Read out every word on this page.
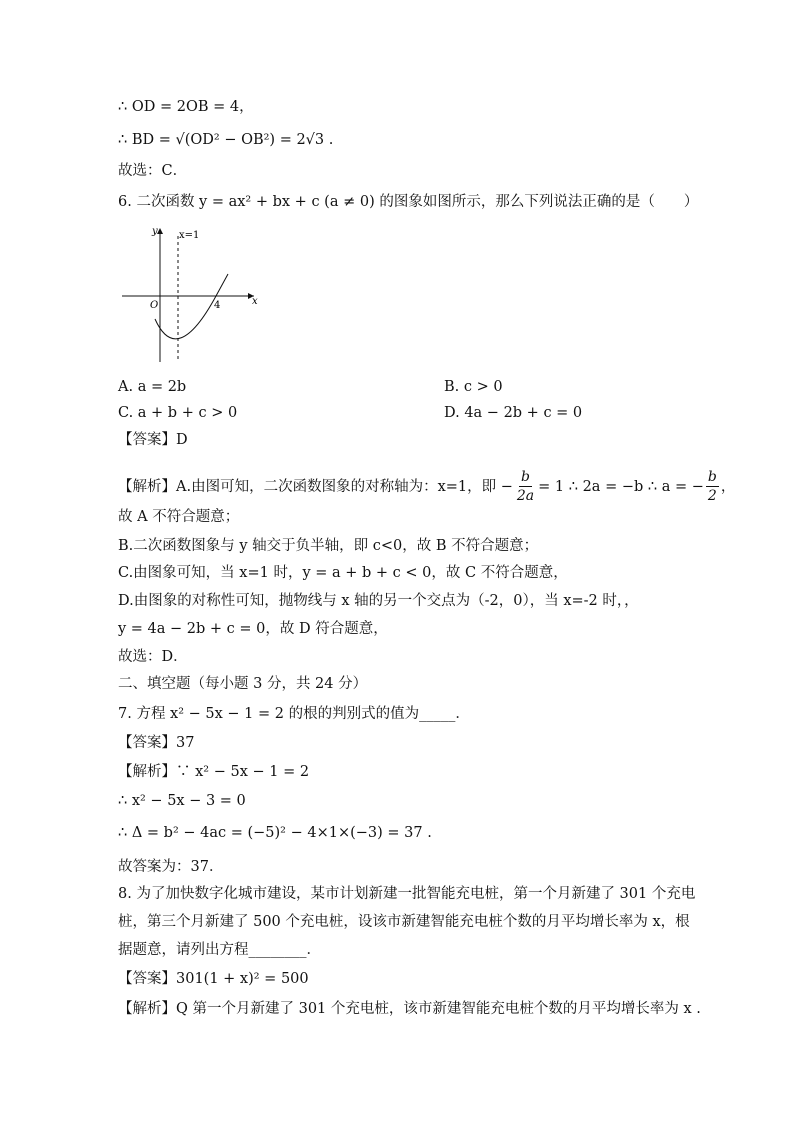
∴ OD = 2OB = 4，
∴ BD = √(OD² − OB²) = 2√3 .
故选：C．
6. 二次函数 y = ax² + bx + c (a ≠ 0) 的图象如图所示，那么下列说法正确的是（　　）
y
x
O
x=1
4
A. a = 2b	B. c > 0
C. a + b + c > 0	D. 4a − 2b + c = 0
【答案】D
【解析】A.由图可知，二次函数图象的对称轴为：x=1，即 − $\frac{b}{2a} = 1$ ∴ 2a = −b ∴ a = − $\frac{b}{2}$ ，
故 A 不符合题意；
B.二次函数图象与 y 轴交于负半轴，即 c<0，故 B 不符合题意；
C.由图象可知，当 x=1 时，y = a + b + c < 0，故 C 不符合题意，
D.由图象的对称性可知，抛物线与 x 轴的另一个交点为（-2，0），当 x=-2 时，，
y = 4a − 2b + c = 0，故 D 符合题意，
故选：D．
二、填空题（每小题 3 分，共 24 分）
7. 方程 x² − 5x − 1 = 2 的根的判别式的值为_____．
【答案】37
【解析】∵ x² − 5x − 1 = 2
∴ x² − 5x − 3 = 0
∴ Δ = b² − 4ac = (−5)² − 4×1×(−3) = 37 .
故答案为：37．
8. 为了加快数字化城市建设，某市计划新建一批智能充电桩，第一个月新建了 301 个充电
桩，第三个月新建了 500 个充电桩，设该市新建智能充电桩个数的月平均增长率为 x，根
据题意，请列出方程________．
【答案】301(1 + x)² = 500
【解析】Q 第一个月新建了 301 个充电桩，该市新建智能充电桩个数的月平均增长率为 x .
